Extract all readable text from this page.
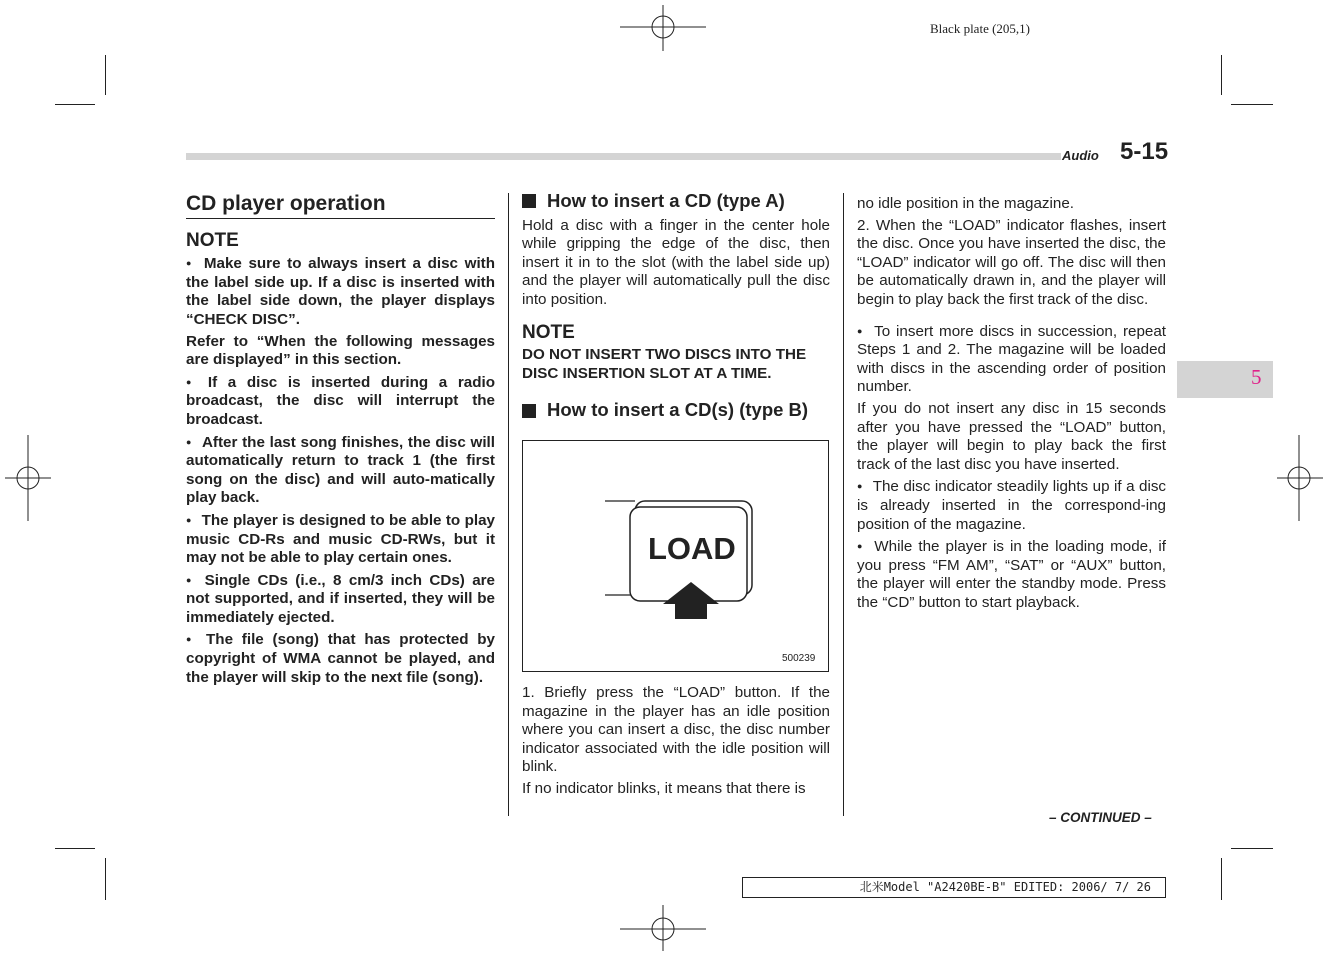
Black plate (205,1)
Audio 5-15
5
CD player operation
NOTE

● Make sure to always insert a disc with the label side up. If a disc is inserted with the label side down, the player displays “CHECK DISC”.

Refer to “When the following messages are displayed” in this section.

● If a disc is inserted during a radio broadcast, the disc will interrupt the broadcast.

● After the last song finishes, the disc will automatically return to track 1 (the first song on the disc) and will auto-matically play back.

● The player is designed to be able to play music CD-Rs and music CD-RWs, but it may not be able to play certain ones.

● Single CDs (i.e., 8 cm/3 inch CDs) are not supported, and if inserted, they will be immediately ejected.

● The file (song) that has protected by copyright of WMA cannot be played, and the player will skip to the next file (song).

How to insert a CD (type A)

Hold a disc with a finger in the center hole while gripping the edge of the disc, then insert it in to the slot (with the label side up) and the player will automatically pull the disc into position.

NOTE

DO NOT INSERT TWO DISCS INTO THE DISC INSERTION SLOT AT A TIME.

How to insert a CD(s) (type B)
LOAD
500239

1. Briefly press the “LOAD” button. If the magazine in the player has an idle position where you can insert a disc, the disc number indicator associated with the idle position will blink.

If no indicator blinks, it means that there is

no idle position in the magazine.

2. When the “LOAD” indicator flashes, insert the disc. Once you have inserted the disc, the “LOAD” indicator will go off. The disc will then be automatically drawn in, and the player will begin to play back the first track of the disc.

● To insert more discs in succession, repeat Steps 1 and 2. The magazine will be loaded with discs in the ascending order of position number.

If you do not insert any disc in 15 seconds after you have pressed the “LOAD” button, the player will begin to play back the first track of the last disc you have inserted.

● The disc indicator steadily lights up if a disc is already inserted in the correspond-ing position of the magazine.

● While the player is in the loading mode, if you press “FM AM”, “SAT” or “AUX” button, the player will enter the standby mode. Press the “CD” button to start playback.

– CONTINUED –
北米Model "A2420BE-B" EDITED: 2006/ 7/ 26
